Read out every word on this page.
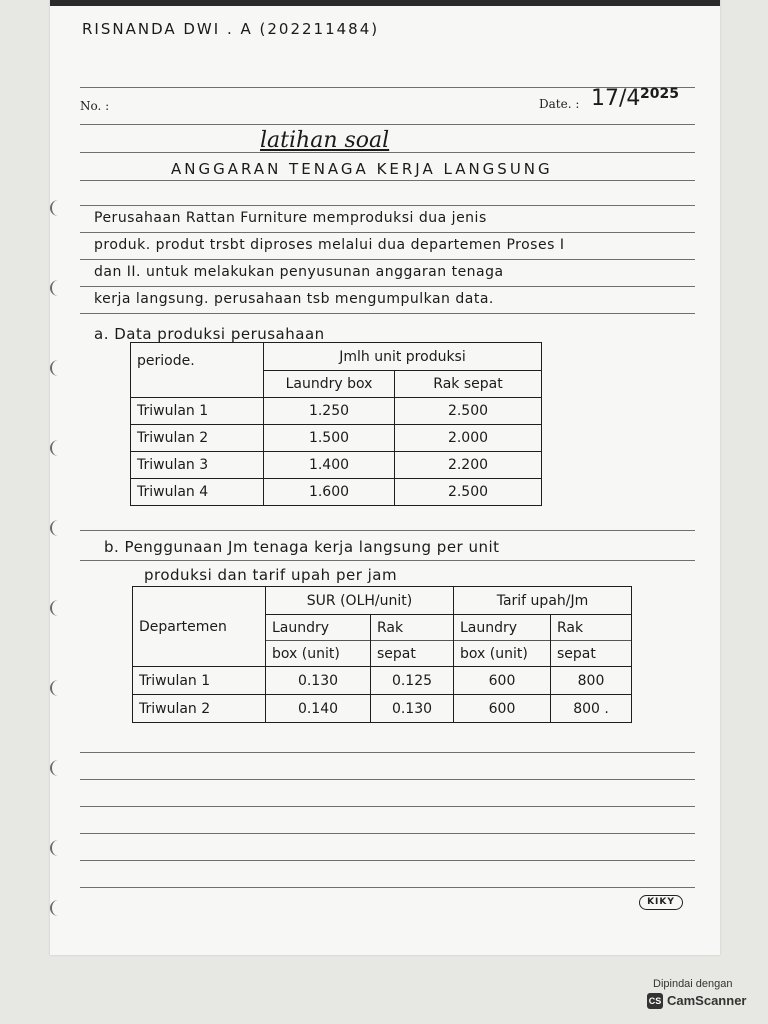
RISNANDA DWI . A (202211484)
No. :	Date. : 17/4 2025
latihan soal
ANGGARAN TENAGA KERJA LANGSUNG
Perusahaan Rattan Furniture memproduksi dua jenis
produk. produt trsbt diproses melalui dua departemen Proses I
dan II. untuk melakukan penyusunan anggaran tenaga
kerja langsung. perusahaan tsb mengumpulkan data.
a. Data produksi perusahaan
periode.	Jmlh unit produksi	
	Laundry box	Rak sepat
Triwulan 1	1.250	2.500
Triwulan 2	1.500	2.000
Triwulan 3	1.400	2.200
Triwulan 4	1.600	2.500
b. Penggunaan Jm tenaga kerja langsung per unit
produksi dan tarif upah per jam
Departemen	SUR (OLH/unit)		Tarif upah/Jm	
	Laundry	Rak	Laundry	Rak
	box (unit)	sepat	box (unit)	sepat
Triwulan 1	0.130	0.125	600	800
Triwulan 2	0.140	0.130	600	800 .
KIKY
Dipindai dengan
CS CamScanner
